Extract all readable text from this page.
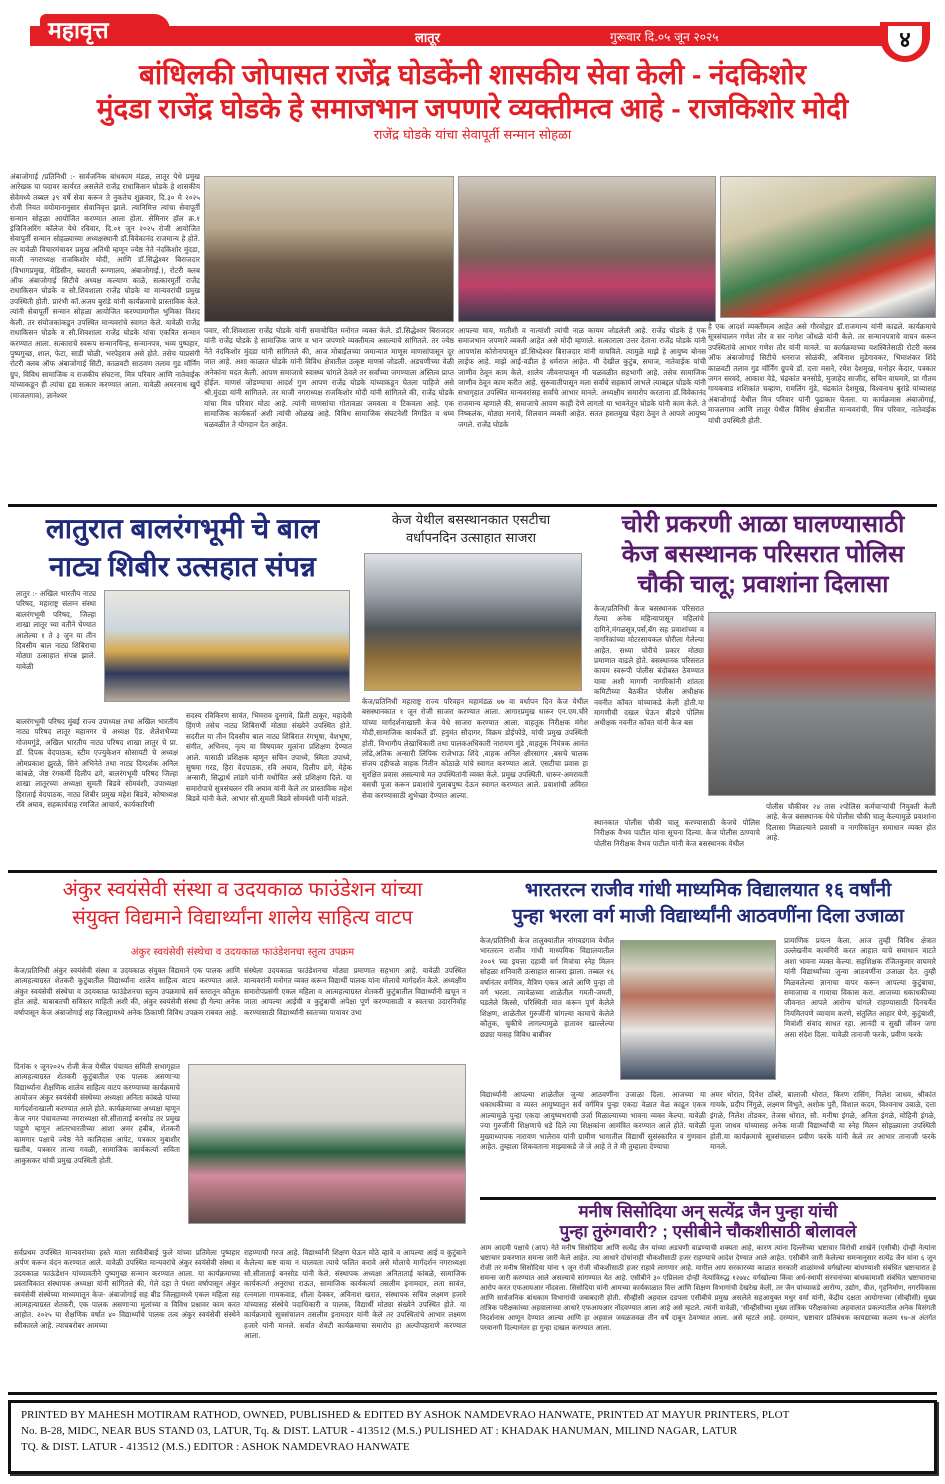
महावृत्त	लातूर	गुरूवार दि.०५ जून २०२५	४
बांधिलकी जोपासत राजेंद्र घोडकेंनी शासकीय सेवा केली - नंदकिशोर
मुंदडा राजेंद्र घोडके हे समाजभान जपणारे व्यक्तीमत्व आहे - राजकिशोर मोदी
राजेंद्र घोडके यांचा सेवापूर्ती सन्मान सोहळा
अंबाजोगाई /प्रतिनिधी :- सार्वजनिक बांधकाम मंडळ, लातूर येथे प्रमुख आरेखक या पदावर कार्यरत असलेले राजेंद्र राधाकिसन घोडके हे शासकीय सेवेमध्ये तब्बल ३९ वर्षे सेवा करून ते नुकतेच शुक्रवार, दि.३० मे २०२५ रोजी नियत वयोमानानुसार सेवानिवृत्त झाले. त्यानिमित्त त्यांचा सेवापूर्ती सन्मान सोहळा आयोजित करण्यात आला होता. सेमिनार हॉल क्र.१ इंजिनिअरिंग कॉलेज येथे रविवार, दि.०१ जुन २०२५ रोजी आयोजित सेवापुर्ती सन्मान सोहळ्याच्या अध्यक्षस्थानी डॉ.विवेकानंद राजमान्य हे होते. तर यावेळी विचारमंचावर प्रमुख अतिथी म्हणून ज्येष्ठ नेते नंदकिशोर मुंदडा, माजी नगराध्यक्ष राजकिशोर मोदी, आणि डॉ.सिद्धेश्वर बिराजदार (विभागप्रमुख, मेडिसीन, स्वाराती रूग्णालय, अंबाजोगाई.), रोटरी क्लब ऑफ अंबाजोगाई सिटीचे अध्यक्ष कल्याण काळे, सत्कारमूर्ती राजेंद्र राधाकिसन घोडके व सौ.शिवशाला राजेंद्र घोडके या मान्यवरांची प्रमुख उपस्थिती होती. प्रारंभी कॉ.अजय बुरांडे यांनी कार्यक्रमाचे प्रास्ताविक केले. त्यांनी सेवापूर्ती सन्मान सोहळा आयोजित करण्यामागील भुमिका विशद केली. तर संयोजकांकडून उपस्थित मान्यवरांचे स्वागत केले. यावेळी राजेंद्र राधाकिसन घोडके व सौ.शिवशाला राजेंद्र घोडके यांचा एकत्रित सन्मान करण्यात आला. सत्काराचे स्वरूप सन्मानचिन्ह, सन्मानपत्र, भव्य पुष्पहार, पुष्पगुच्छ, शाल, फेटा, साडी चोळी, भरपेहराव असे होते. तसेच याप्रसंगी रोटरी क्लब ऑफ अंबाजोगाई सिटी, काळवटी साठवण तलाव गुड मॉर्निंग ग्रुप, विविध सामाजिक व राजकीय संघटना, मित्र परिवार आणि नातेवाईक यांच्याकडून ही त्यांचा हृद्य सत्कार करण्यात आला. यावेळी अमरनाथ खुर्पे (माजलगाव), ज्ञानेश्वर
पवार, सौ.शिवशाला राजेंद्र घोडके यांनी समायोचित मनोगत व्यक्त केले. डॉ.सिद्धेश्वर बिराजदार यांनी राजेंद्र घोडके हे सामाजिक जाण व भान जपणारे व्यक्तीमत्व असल्याचे सांगितले. तर ज्येष्ठ नेते नंदकिशोर मुंदडा यांनी सांगितले की, आज मोबाईलच्या जमान्यात माणूस माणसांपासून दूर जात आहे. अशा काळात घोडके यांनी विविध क्षेत्रातील उत्कृष्ट माणसं जोडली. अडचणीच्या वेळी अनेकांना मदत केली. आपण समाजाचे स्वास्थ्य चांगले ठेवले तर सर्वांच्या जगण्याला अस्तित्व प्राप्त होईल. माणसं जोडण्याचा आदर्श गुण आपण राजेंद्र घोडके यांच्याकडून घेतला पाहिजे असे श्री.मुंदडा यांनी सांगितले. तर माजी नगराध्यक्ष राजकिशोर मोदी यांनी सांगितले की, राजेंद्र घोडके यांचा मित्र परिवार मोठा आहे. त्यांनी माणसांचा गोतावळा जमवला व टिकवला आहे. एक सामाजिक कार्यकर्ता अशी त्यांची ओळख आहे. विविध सामाजिक संघटनेशी निगडित व धम्म चळवळीत ते योगदान देत आहेत.
आपल्या माय, मातीशी व नात्यांशी त्यांची नाळ कायम जोडलेली आहे. राजेंद्र घोडके हे एक समाजभान जपणारे व्यक्ती आहेत असे मोदी म्हणाले. सत्काराला उत्तर देताना राजेंद्र घोडके यांनी आपणांस कोरोनापासून डॉ.सिध्देश्वर बिराजदार यांनी वाचविले. त्यामुळे माझे हे आयुष्य बोनस लाईफ आहे. माझे आई-वडील हे धर्मराज आहेत. मी देखील कुटुंब, समाज, नातेवाईक यांची जाणीव ठेवून काम केले. शालेय जीवनापासून मी चळवळीत सहभागी आहे. तसेच सामाजिक जाणीव ठेवून काम करीत आहे. सुरूवातीपासून मला सर्वांचे सहकार्य लाभले त्याबद्दल घोडके यांनी सभागृहात उपस्थित मान्यवरांसह सर्वांचे आभार मानले. अध्यक्षीय समारोप करताना डॉ.विवेकानंद राजमान्य म्हणाले की, समाजाचे आपण काही देणे लागतो या भावनेतून घोडके यांनी काम केले. ते निष्कलंक, मोठ्या मनाचे, शिलवान व्यक्ती आहेत. सतत हसतमुख चेहरा ठेवून ते आपले आयुष्य जगले. राजेंद्र घोडके
हे एक आदर्श व्यक्तीमत्व आहेत असे गौरवोद्गार डॉ.राजमान्य यांनी काढले. कार्यक्रमाचे सूत्रसंचालन गणेश तौर व सर नागेश जोंधळे यांनी केले. तर सन्मानपत्राचे वाचन करून उपस्थितांचे आभार गणेश तौर यांनी मानले. या कार्यक्रमाच्या यशस्वितेसाठी रोटरी क्लब ऑफ अंबाजोगाई सिटीचे धनराज सोळंकी, अविनाश मुडेगावकर, भिमाशंकर शिंदे काळवटी तलाव गुड मॉर्निंग ग्रुपचे डॉ. दत्ता मसने, रमेश देशमुख, मनोहर केदार, पत्रकार जगन सरवदे, आकाश वेडे, चंद्रकांत बनसोडे, मुजाहेद साजीद, सचिन वाघमारे, प्रा गौतम गायकवाड शशिकांत चव्हाण, रामलिंग मुंडे, चंद्रकांत देशमुख, विश्वनाथ बुरांडे यांच्यासह अंबाजोगाई येथील मित्र परिवार यांनी पुढाकार घेतला. या कार्यक्रमास अंबाजोगाई, माजलगाव आणि लातूर येथील विविध क्षेत्रातील मान्यवरांची, मित्र परिवार, नातेवाईक यांची उपस्थिती होती.
लातुरात बालरंगभूमी चे बाल
नाट्य शिबीर उत्सहात संपन्न
लातुर :- अखिल भारतीय नाट्य परिषद, महाराष्ट्र संलग्न संस्था बालरंगभूमी परिषद, जिल्हा शाखा लातूर च्या वतीने घेण्यात आलेल्या १ ते ३ जुन या तीन दिवसीय बाल नाट्य शिबिराचा मोठ्या उत्साहात संपन्न झाले. यावेळी
बालरंगभूमी परिषद मुंबई राज्य उपाध्यक्ष तथा अखिल भारतीय नाट्य परिषद लातूर महानगर चे अध्यक्ष ऍड. शैलेशभैय्या गोजमगुंडे, अखिल भारतीय नाट्य परिषद शाखा लातुर चे प्रा. डॉ. दिपक वेदपाठक, स्टीम एज्युकेशन सोसायटी चे अध्यक्ष ओमप्रकाश झुरळे, सिने अभिनेते तथा नाट्य दिग्दर्शक अनिल कांबळे, जेष्ठ रंगकर्मी दिलीप ढगे, बालरंगभूमी परिषद जिल्हा शाखा लातूरच्या अध्यक्षा सुमती बिडवे सोमवंशी, उपाध्यक्षा हिराताई वेदपाठक, नाट्य शिबीर प्रमुख महेश बिडवे, कोषाध्यक्ष रवि अघाव, सहकार्यवाह रणजित आचार्य, कार्यकारिणी
सदस्य रविकिरण सावंत, भिमराव दुनगावे, प्रिती ठाकूर, महादेवी हिंगणे तसेच नाट्य शिबिरार्थी मोठ्या संख्येने उपस्थित होते. सदरील या तीन दिवसीय बाल नाट्य शिबिरात रंगभूषा, वेशभूषा, संगीत, अभिनय, नृत्य या विषयावर मुलांना प्रशिक्षण देण्यात आले. यासाठी प्रशिक्षक म्हणून सचिन उपाध्ये, स्मिता उपाध्ये, सुषमा गरड, हिरा वेदपाठक, रवि अघाव, दिलीप ढगे, मेहेक अन्सारी, सिद्धार्थ लांडगे यांनी यथोचित असे प्रशिक्षण दिले. या समारोपाचे सुत्रसंचलन रवि अघाव यांनी केले तर प्रास्ताविक महेश बिडवे यांनी केले. आभार सौ.सुमती बिडवे सोमवंशी यांनी मांडले.
केज येथील बसस्थानकात एसटीचा
वर्धापनदिन उत्साहात साजरा
केज/प्रतिनिधी महाराष्ट्र राज्य परिवहन महामंडळ ७७ वा वर्धापन दिन केज येथील बसस्थानकात १ जून रोजी साजरा करण्यात आला. आगारप्रमुख धारूर एन.एम.चौरे यांच्या मार्गदर्शनाखाली केज येथे साजरा करण्यात आला. वाहतूक निरीक्षक मंगेश मोदी,सामाजिक कार्यकर्ते डॉ. हनुमंत सौदागर, विक्रम डोईफोडे, यांची प्रमुख उपस्थिती होती. विभागीय लेखाधिकारी तथा पालकअधिकारी नारायण मुंडे ,वाहतूक नियंत्रक आनंत लोंढे,अतिक अन्सारी लिपिक राजेभाऊ शिंदे ,वाहक अनिल क्षीरसागर ,बसचे चालक संजय दहीफळे वाहक नितीन कोठाळे यांचे स्वागत करण्यात आले. एसटीचा प्रवास हा सुरक्षित प्रवास असल्याचे मत उपस्थितांनी व्यक्त केले. प्रमुख उपस्थिती. धारूर-अमरावती बसची पूजा करून प्रवाशांचे गुलाबपुष्प देऊन स्वागत करण्यात आले. प्रवाशांची अविरत सेवा करण्यासाठी शुभेच्छा देण्यात आल्या.
चोरी प्रकरणी आळा घालण्यासाठी
केज बसस्थानक परिसरात पोलिस
चौकी चालू; प्रवाशांना दिलासा
केज/प्रतिनिधी केज बसस्थानक परिसरात गेल्या अनेक महिन्यापासून महिलांचे दागिने,मंगळसूत्र,पर्स,बॅग सह प्रवाशांच्या व नागरिकांच्या मोटरसायकल चोरीला गेलेल्या आहेत. सध्या चोरीचे प्रकार मोठ्या प्रमाणात वाढले होते. बसस्थानक परिसरात कायम स्वरूपी पोलीस बंदोबस्त ठेवण्यात यावा अशी मागणी नागरिकांनी शांतता कमिटीच्या बैठकीत पोलीस अधीक्षक नवनीत कॉवत यांच्याकडे केली होती.या मागणीची दखल घेऊन बीडचे पोलिस अधीक्षक नवनीत कॉवत यांनी केज बस
स्थानकात पोलीस चौकी चालू करण्यासाठी केजचे पोलिस निरीक्षक वैभव पाटील यांना सूचना दिल्या. केज पोलीस ठाण्याचे पोलीस निरीक्षक वैभव पाटील यांनी केज बसस्थानक येथील
पोलीस चौकीवर २४ तास २पोलिस कर्मचाऱ्यांची नियुक्ती केली आहे. केज बसस्थानक येथे पोलीस चौकी चालू केल्यामुळे प्रवाशांना दिलासा मिळाल्याने प्रवासी व नागरिकांतुन समाधान व्यक्त होत आहे.
अंकुर स्वयंसेवी संस्था व उदयकाळ फाउंडेशन यांच्या
संयुक्त विद्यमाने विद्यार्थ्यांना शालेय साहित्य वाटप
अंकुर स्वयंसेवी संस्थेचा व उदयकाळ फाउंडेशनचा स्तुत्य उपक्रम
केज/प्रतिनिधी अंकुर स्वयंसेवी संस्था व उदयकाळ संयुक्त विद्यमाने एक पालक आणि आत्महत्याग्रस्त शेतकरी कुटुंबातील विद्यार्थ्यांना शालेय साहित्य वाटप करण्यात आले. अंकुर स्वयंसेवी संस्थेचा व उदयकाळ फाउंडेशनचा स्तुत्य उपक्रमाचे सर्व स्तरातून कौतुक होत आहे. याबाबतची सविस्तर माहिती अशी की, अंकुर स्वयंसेवी संस्था ही गेल्या अनेक वर्षापासून केज अंबाजोगाई सह जिल्ह्यामध्ये अनेक ठिकाणी विविध उपक्रम राबवत आहे.
संस्थेला उदयकाळ फाउंडेशनचा मोठ्या प्रमाणात सहभाग आहे. यावेळी उपस्थित मान्यवरांनी मनोगत व्यक्त करून विद्यार्थी पालक यांना मोलाचे मार्गदर्शन केले. अध्यक्षीय समारोपप्रसंगी एकल महिला व आत्महत्याग्रस्त शेतकरी कुटुंबातील विद्यार्थ्यांनी खचून न जाता आपल्या आईची व कुटुंबाची अपेक्षा पूर्ण करण्यासाठी व स्वतःचा उदारनिर्वाह करण्यासाठी विद्यार्थ्यांनी स्वतःच्या पायावर उभा
दिनांक १ जून२०२५ रोजी केज येथील पंचायत समिती सभागृहात आत्महत्याग्रस्त शेतकरी कुटुंबातील एक पालक असणाऱ्या विद्यार्थ्यांना शैक्षणिक शालेय साहित्य वाटप करण्याच्या कार्यक्रमाचे आयोजन अंकुर स्वयंसेवी संस्थेच्या अध्यक्षा अनिता कांबळे यांच्या मार्गदर्शनाखाली करण्यात आले होते. कार्यक्रमाच्या अध्यक्षा म्हणून केज नगर पंचायतच्या नगराध्यक्षा सौ.सीताताई बनसोड तर प्रमुख पाहुणे म्हणून आंतरभारतीच्या आशा अमर हबीब, शेतकरी कामगार पक्षाचे ज्येष्ठ नेते कालिदास आपेट, पत्रकार मुबाशीर खतीब, पत्रकार तात्या गवळी, सामाजिक कार्यकर्त्या सविता आकुसकर यांची प्रमुख उपस्थिती होती.
सर्वप्रथम उपस्थित मान्यवरांच्या हस्ते माता सावित्रीबाई फुले यांच्या प्रतिमेला पुष्पहार अर्पण करून वंदन करण्यात आले. यावेळी उपस्थित मान्यवरांचे अंकुर स्वयंसेवी संस्था व उदयकाळ फाऊंडेशन यांच्यावतीने पुष्पगुच्छ सन्मान करण्यात आला. या कार्यक्रमाच्या प्रस्ताविकात संस्थापक अध्यक्षा यांनी सांगितले की, गेले दहा ते पंधरा वर्षापासून अंकुर स्वयंसेवी संस्थेच्या माध्यमातून केज- अंबाजोगाई सह बीड जिल्ह्यामध्ये एकल महिला सह आत्महत्याग्रस्त शेतकरी, एक पालक असणाऱ्या मुलांच्या व विविध प्रश्नावर काम करत आहोत. २०२५ या शैक्षणिक वर्षात ४० विद्यार्थ्यांचे पालक तत्व अंकुर स्वयंसेवी संस्थेने स्वीकारले आहे. त्याचबरोबर आमच्या
राहण्याची गरज आहे. विद्यार्थ्यांनी शिक्षण घेऊन मोठे व्हावे व आपल्या आई व कुटुंबाने केलेल्या कष्ट वाया न घालवता त्याचे फलित करावे असे मोलाचे मार्गदर्शन नगराध्यक्षा सौ.सीताताई बनसोड यांनी केले. संस्थापक अध्यक्षा अनिताताई कांबळे, सामाजिक कार्यकर्त्या अनुराधा राऊत, सामाजिक कार्यकर्त्या तसलीम इनामदार, लता सावंत, रत्नमाला गायकवाड, शीला देवकर, अविनाश खरात, संस्थापक सचिव लक्ष्मण हजारे यांच्यासह संस्थेचे पदाधिकारी व पालक, विद्यार्थी मोठ्या संख्येने उपस्थित होते. या कार्यक्रमाचे सूत्रसंचालन तसलीम इनामदार यांनी केले तर उपस्थितांचे आभार लक्ष्मण हजारे यांनी मानले. सर्वात शेवटी कार्यक्रमाचा समारोप हा अल्पोपहाराणे करण्यात आला.
भारतरत्न राजीव गांधी माध्यमिक विद्यालयात १६ वर्षांनी
पुन्हा भरला वर्ग माजी विद्यार्थ्यांनी आठवणींना दिला उजाळा
केज/प्रतिनिधी केज तालुक्यातील नांगवडगाव येथील भारतरत्न राजीव गांधी माध्यमिक विद्यालयातील २००९ च्या इयत्ता दहावी वर्ग मित्रांचा स्नेह मिलन सोहळा शनिवारी उत्साहात साजरा झाला. तब्बल १६ वर्षानंतर वर्गमित्र, मैत्रिण एकत्र आले आणि पुन्हा तो वर्ग भरला. त्यावेळच्या शाळेतील गमती-जमती, घडलेले किस्से, परिस्थिती मात करून पूर्ण केलेले शिक्षण, शाळेतील गुरुजींनी चांगल्या कामाचे केलेले कौतुक, चुकीचे लागल्यामुळे हातावर खाल्लेल्या छड्या यासह विविध बाबींवर
प्रामाणिक प्रयत्न केला. आज तुम्ही विविध क्षेत्रात उल्लेखनीय कामगिरी करत आहात याचे समाधान वाटते अशा भावना व्यक्त केल्या. सहशिक्षक रंजितकुमार वाघमारे यांनी विद्यार्थ्यांच्या जुन्या आठवणींना उजाळा देत. तुम्ही मिळवलेल्या ज्ञानाचा वापर करून आपल्या कुटुंबाचा, समाजाचा व गावाचा विकास करा. आजच्या धकाधकीच्या जीवनात आपले आरोग्य चांगले राहण्यासाठी दिनचर्येत नियमितपणे व्यायाम करणे, संतुलित आहार घेणे, कुटुंबाशी, मित्रांशी संवाद साधत रहा. आनंदी व सुखी जीवन जगा असा संदेश दिला. यावेळी तानाजी फरके, प्रवीण फरके
विद्यार्थ्यांनी आपल्या शाळेतील जुन्या आठवणींना उजाळा दिला. आजच्या या धकाधकीच्या व व्यस्त आयुष्यातुन सर्व वर्गमित्र पुन्हा एकदा वेळात वेळ काढून एकत्र आल्यामुळे पुन्हा एकदा आयुष्यभराची उर्जा मिळाल्याच्या भावना व्यक्त केल्या. यावेळी ज्या गुरुजींनी शिक्षणाचे धडे दिले त्या शिक्षकांना आमंत्रित करण्यात आले होते. यावेळी मुख्याध्यापक नारायण भालेराव यांनी ग्रामीण भागातील विद्यार्थी सुसंस्कारित व गुणवान आहेत. तुम्हाला शिकवताना माझ्याकडे जे जे आहे ते ते मी तुम्हाला देण्याचा
अमर थोरात, दिनेश ठोंबरे, बालाजी थोरात, किरण रासिंग, निलेश जाधव, श्रीकांत गायके, प्रदीप निंगुळे, लक्ष्मण विभुते, अशोक पुरी, विशाल कदम, विश्वनाथ उबाळे, दत्ता इंगळे, निलेश तोडकर, तेजस थोरात, सौ. मनीषा इंगळे, अनिता इंगळे, मोहिनी इंगळे, पूजा जाधव यांच्यासह अनेक माजी विद्यार्थ्यांची या स्नेह मिलन सोहळ्याला उपस्थिती होती.या कार्यक्रमाचे सूत्रसंचालन प्रवीण फरके यांनी केले तर आभार तानाजी फरके मानले.
मनीष सिसोदिया अन् सत्येंद्र जैन पुन्हा यांची
पुन्हा तुरुंगवारी? ; एसीबीने चौकशीसाठी बोलावले
आम आदमी पक्षाचे (आप) नेते मनीष सिसोदिया आणि सत्येंद्र जैन यांच्या अडचणी वाढण्याची शक्यता आहे, कारण त्यांना दिल्लीच्या भ्रष्टाचार विरोधी शाखेने (एसीबी) दोन्ही नेत्यांना भ्रष्टाचार प्रकरणात समन्स जारी केले आहेत. त्या आधारे दोघांनाही चौकशीसाठी हजर राहण्याचे आदेश देण्यात आले आहेत. एसीबीने जारी केलेल्या समन्सनुसार सत्येंद्र जैन यांना ६ जून रोजी तर मनीष सिसोदिया यांना ९ जून रोजी चौकशीसाठी हजर राहावे लागणार आहे. मागील आप सरकारच्या काळात सरकारी शाळांमध्ये वर्गखोल्या बांधण्याशी संबंधित भ्रष्टाचारात हे समन्स जारी करण्यात आले असल्याचे सांगण्यात येत आहे. एसीबीने ३० एप्रिलला दोन्ही नेत्यांविरुद्ध १२७४८ वर्गखोल्या किंवा अर्ध-स्थायी संरचनांच्या बांधकामाशी संबंधित भ्रष्टाचाराचा आरोप करत एफआयआर नोंदवला. सिसोदिया यांनी आमच्या कार्यकाळात वित्त आणि शिक्षण विभागांची देखरेख केली, तर जैन यांच्याकडे आरोग्य, उद्योग, वीज, गृहनिर्माण, नगरविकास आणि सार्वजनिक बांधकाम विभागांची जबाबदारी होती. सीव्हीसी अहवाल दडपला एसीबीचे प्रमुख असलेले सहआयुक्त मधुर वर्मा यांनी, केंद्रीय दक्षता आयोगाच्या (सीव्हीसी) मुख्य तांत्रिक परीक्षकांच्या अहवालाच्या आधारे एफआयआर नोंदवण्यात आला आहे असे म्हटले. त्यांनी यावेळी, 'सीव्हीसीच्या मुख्य तांत्रिक परीक्षकांच्या अहवालात प्रकल्पातील अनेक विसंगती निदर्शनास आणून देण्यात आल्या आणि हा अहवाल जवळजवळ तीन वर्षे दाबून ठेवण्यात आला. असे म्हटले आहे. दरम्यान, भ्रष्टाचार प्रतिबंधक कायद्याच्या कलम १७-अ अंतर्गत परवानगी दिल्यानंतर हा गुन्हा दाखल करण्यात आला.
PRINTED BY MAHESH MOTIRAM RATHOD, OWNED, PUBLISHED & EDITED BY ASHOK NAMDEVRAO HANWATE, PRINTED AT MAYUR PRINTERS, PLOT
No. B-28, MIDC, NEAR BUS STAND 03, LATUR, Tq. & DIST. LATUR - 413512 (M.S.) PULISHED AT : KHADAK HANUMAN, MILIND NAGAR, LATUR
TQ. & DIST. LATUR - 413512 (M.S.) EDITOR : ASHOK NAMDEVRAO HANWATE
